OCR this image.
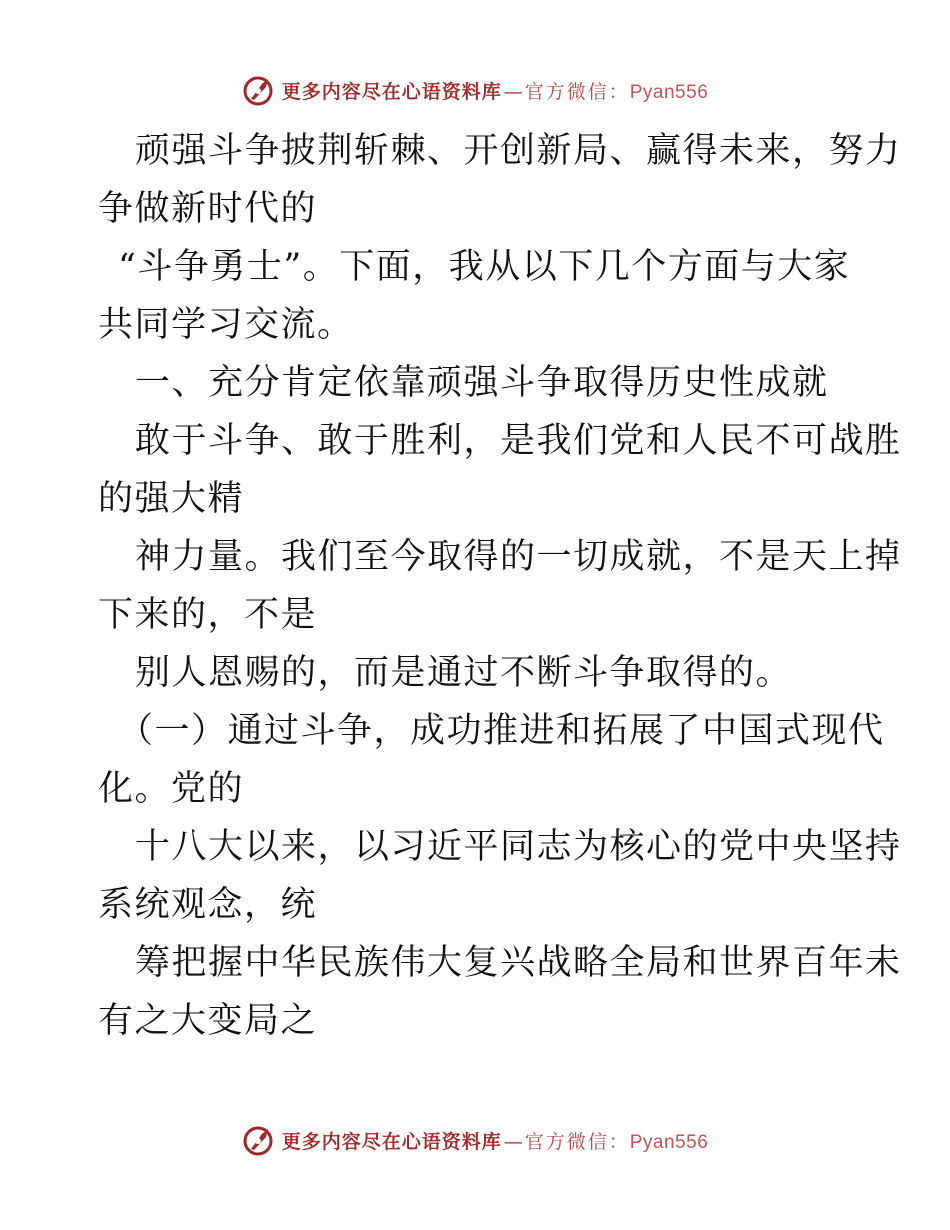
更多内容尽在心语资料库 — 官方微信： Pyan556
顽强斗争披荆斩棘、开创新局、赢得未来，努力
争做新时代的
“斗争勇士”。下面，我从以下几个方面与大家
共同学习交流。
一、充分肯定依靠顽强斗争取得历史性成就
敢于斗争、敢于胜利，是我们党和人民不可战胜
的强大精
神力量。我们至今取得的一切成就，不是天上掉
下来的，不是
别人恩赐的，而是通过不断斗争取得的。
（一）通过斗争，成功推进和拓展了中国式现代
化。党的
十八大以来，以习近平同志为核心的党中央坚持
系统观念，统
筹把握中华民族伟大复兴战略全局和世界百年未
有之大变局之
更多内容尽在心语资料库 — 官方微信： Pyan556
